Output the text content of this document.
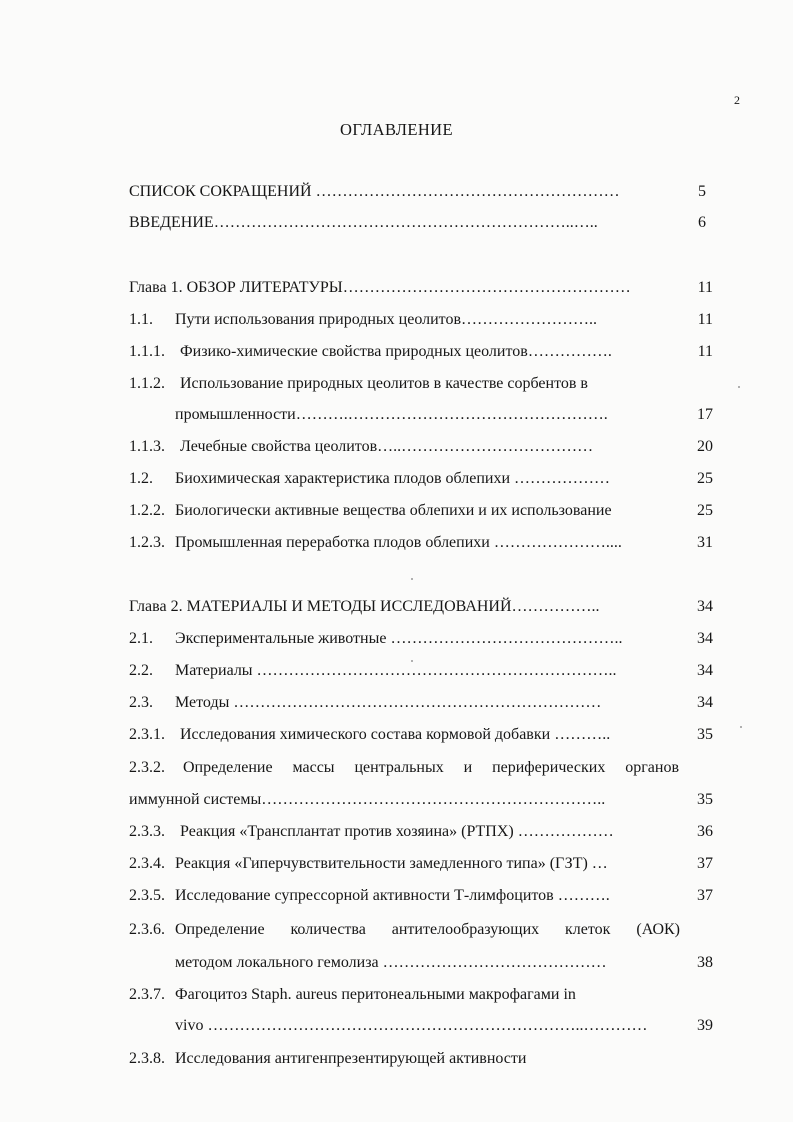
2
ОГЛАВЛЕНИЕ
СПИСОК СОКРАЩЕНИЙ …………………………………………………	5
ВВЕДЕНИЕ…………………………………………………………..…..	6
Глава 1. ОБЗОР ЛИТЕРАТУРЫ………………………………………………	11
1.1. Пути использования природных цеолитов……………………..	11
1.1.1. Физико-химические свойства природных цеолитов…………….	11
1.1.2. Использование природных цеолитов в качестве сорбентов в
промышленности……….………………………………………….	17
1.1.3. Лечебные свойства цеолитов…..………………………………	20
1.2. Биохимическая характеристика плодов облепихи ………………	25
1.2.2. Биологически активные вещества облепихи и их использование	25
1.2.3. Промышленная переработка плодов облепихи …………………....	31
Глава 2. МАТЕРИАЛЫ И МЕТОДЫ ИССЛЕДОВАНИЙ……………..	34
2.1. Экспериментальные животные ……………………………………..	34
2.2. Материалы …………………………………………………………..	34
2.3. Методы ……………………………………………………………	34
2.3.1. Исследования химического состава кормовой добавки ………..	35
2.3.2. Определение массы центральных и периферических органов
иммунной системы………………………………………………………..	35
2.3.3. Реакция «Трансплантат против хозяина» (РТПХ) ………………	36
2.3.4. Реакция «Гиперчувствительности замедленного типа» (ГЗТ) …	37
2.3.5. Исследование супрессорной активности Т-лимфоцитов ……….	37
2.3.6. Определение количества антителообразующих клеток (АОК)
методом локального гемолиза ……………………………………	38
2.3.7. Фагоцитоз Staph. aureus перитонеальными макрофагами in
vivo ……………………………………………………………..…………	39
2.3.8. Исследования антигенпрезентирующей активности
